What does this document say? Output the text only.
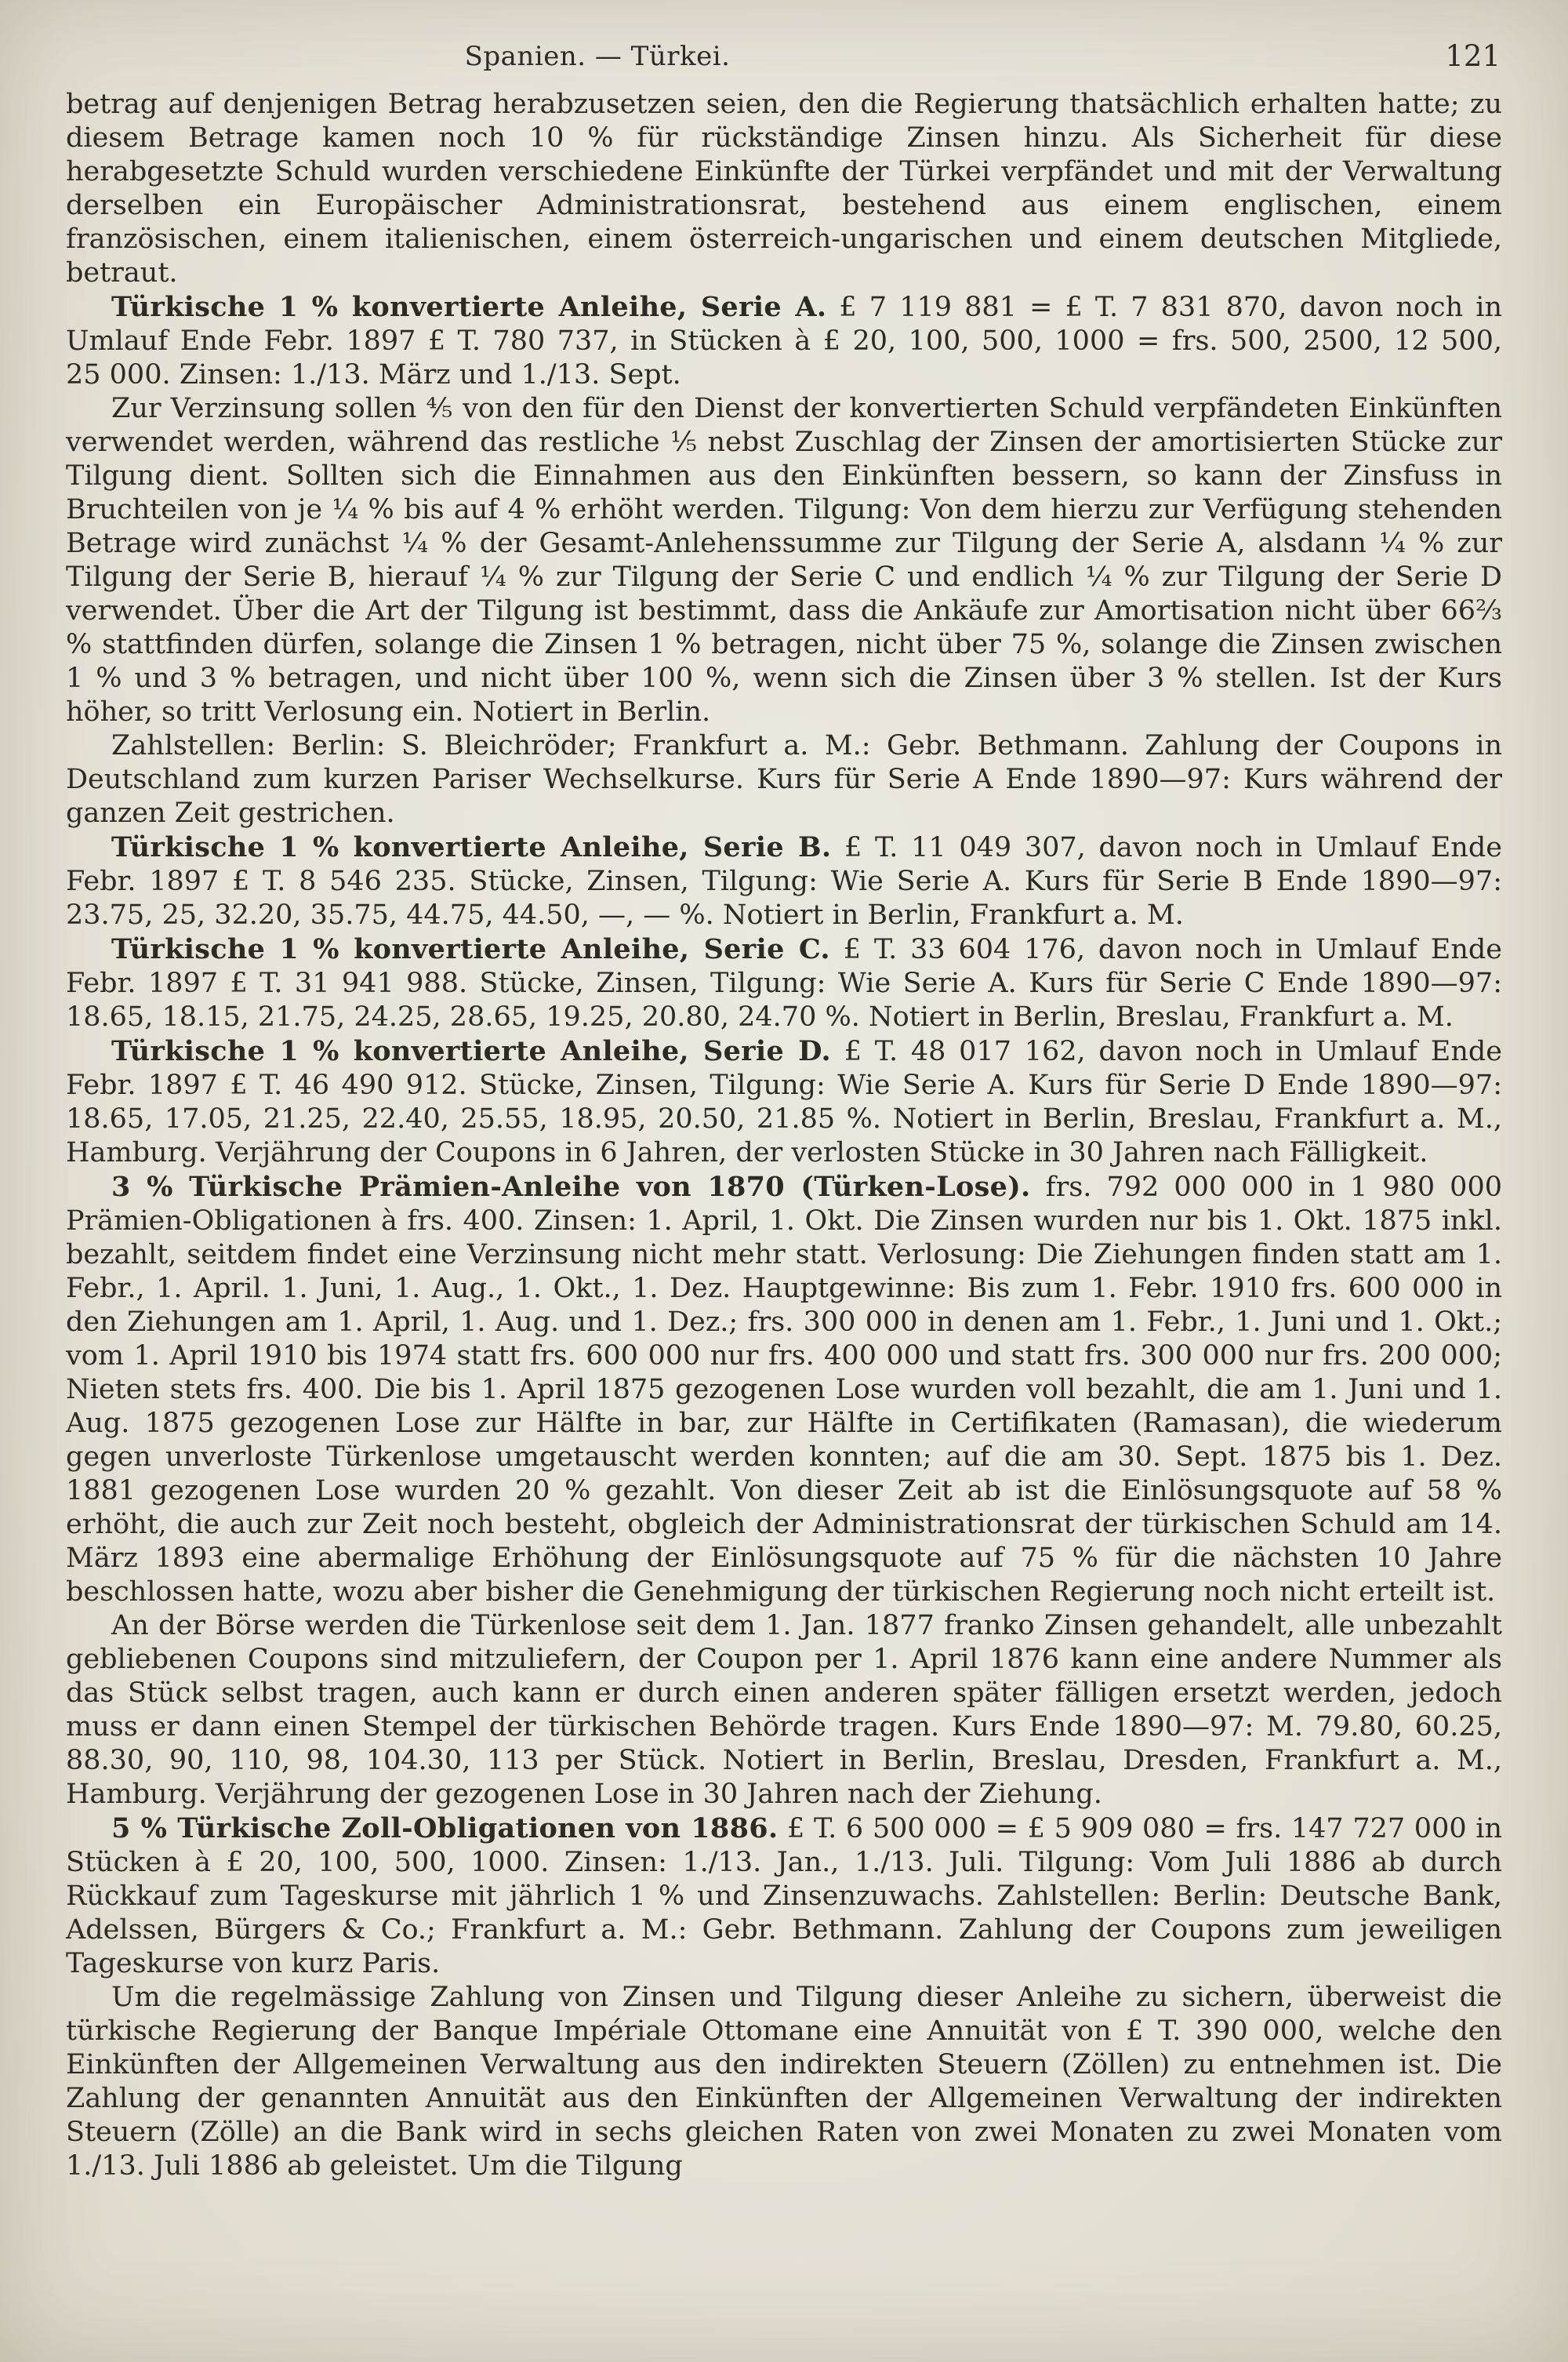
Spanien. — Türkei.	121

betrag auf denjenigen Betrag herabzusetzen seien, den die Regierung thatsächlich erhalten hatte; zu diesem Betrage kamen noch 10 % für rückständige Zinsen hinzu. Als Sicherheit für diese herabgesetzte Schuld wurden verschiedene Einkünfte der Türkei verpfändet und mit der Verwaltung derselben ein Europäischer Administrationsrat, bestehend aus einem englischen, einem französischen, einem italienischen, einem österreich-ungarischen und einem deutschen Mitgliede, betraut.

Türkische 1 % konvertierte Anleihe, Serie A. £ 7 119 881 = £ T. 7 831 870, davon noch in Umlauf Ende Febr. 1897 £ T. 780 737, in Stücken à £ 20, 100, 500, 1000 = frs. 500, 2500, 12 500, 25 000. Zinsen: 1./13. März und 1./13. Sept.

Zur Verzinsung sollen ⅘ von den für den Dienst der konvertierten Schuld verpfändeten Einkünften verwendet werden, während das restliche ⅕ nebst Zuschlag der Zinsen der amortisierten Stücke zur Tilgung dient. Sollten sich die Einnahmen aus den Einkünften bessern, so kann der Zinsfuss in Bruchteilen von je ¼ % bis auf 4 % erhöht werden. Tilgung: Von dem hierzu zur Verfügung stehenden Betrage wird zunächst ¼ % der Gesamt-Anlehenssumme zur Tilgung der Serie A, alsdann ¼ % zur Tilgung der Serie B, hierauf ¼ % zur Tilgung der Serie C und endlich ¼ % zur Tilgung der Serie D verwendet. Über die Art der Tilgung ist bestimmt, dass die Ankäufe zur Amortisation nicht über 66⅔ % stattfinden dürfen, solange die Zinsen 1 % betragen, nicht über 75 %, solange die Zinsen zwischen 1 % und 3 % betragen, und nicht über 100 %, wenn sich die Zinsen über 3 % stellen. Ist der Kurs höher, so tritt Verlosung ein. Notiert in Berlin.

Zahlstellen: Berlin: S. Bleichröder; Frankfurt a. M.: Gebr. Bethmann. Zahlung der Coupons in Deutschland zum kurzen Pariser Wechselkurse. Kurs für Serie A Ende 1890—97: Kurs während der ganzen Zeit gestrichen.

Türkische 1 % konvertierte Anleihe, Serie B. £ T. 11 049 307, davon noch in Umlauf Ende Febr. 1897 £ T. 8 546 235. Stücke, Zinsen, Tilgung: Wie Serie A. Kurs für Serie B Ende 1890—97: 23.75, 25, 32.20, 35.75, 44.75, 44.50, —, — %. Notiert in Berlin, Frankfurt a. M.

Türkische 1 % konvertierte Anleihe, Serie C. £ T. 33 604 176, davon noch in Umlauf Ende Febr. 1897 £ T. 31 941 988. Stücke, Zinsen, Tilgung: Wie Serie A. Kurs für Serie C Ende 1890—97: 18.65, 18.15, 21.75, 24.25, 28.65, 19.25, 20.80, 24.70 %. Notiert in Berlin, Breslau, Frankfurt a. M.

Türkische 1 % konvertierte Anleihe, Serie D. £ T. 48 017 162, davon noch in Umlauf Ende Febr. 1897 £ T. 46 490 912. Stücke, Zinsen, Tilgung: Wie Serie A. Kurs für Serie D Ende 1890—97: 18.65, 17.05, 21.25, 22.40, 25.55, 18.95, 20.50, 21.85 %. Notiert in Berlin, Breslau, Frankfurt a. M., Hamburg. Verjährung der Coupons in 6 Jahren, der verlosten Stücke in 30 Jahren nach Fälligkeit.

3 % Türkische Prämien-Anleihe von 1870 (Türken-Lose). frs. 792 000 000 in 1 980 000 Prämien-Obligationen à frs. 400. Zinsen: 1. April, 1. Okt. Die Zinsen wurden nur bis 1. Okt. 1875 inkl. bezahlt, seitdem findet eine Verzinsung nicht mehr statt. Verlosung: Die Ziehungen finden statt am 1. Febr., 1. April. 1. Juni, 1. Aug., 1. Okt., 1. Dez. Hauptgewinne: Bis zum 1. Febr. 1910 frs. 600 000 in den Ziehungen am 1. April, 1. Aug. und 1. Dez.; frs. 300 000 in denen am 1. Febr., 1. Juni und 1. Okt.; vom 1. April 1910 bis 1974 statt frs. 600 000 nur frs. 400 000 und statt frs. 300 000 nur frs. 200 000; Nieten stets frs. 400. Die bis 1. April 1875 gezogenen Lose wurden voll bezahlt, die am 1. Juni und 1. Aug. 1875 gezogenen Lose zur Hälfte in bar, zur Hälfte in Certifikaten (Ramasan), die wiederum gegen unverloste Türkenlose umgetauscht werden konnten; auf die am 30. Sept. 1875 bis 1. Dez. 1881 gezogenen Lose wurden 20 % gezahlt. Von dieser Zeit ab ist die Einlösungsquote auf 58 % erhöht, die auch zur Zeit noch besteht, obgleich der Administrationsrat der türkischen Schuld am 14. März 1893 eine abermalige Erhöhung der Einlösungsquote auf 75 % für die nächsten 10 Jahre beschlossen hatte, wozu aber bisher die Genehmigung der türkischen Regierung noch nicht erteilt ist.

An der Börse werden die Türkenlose seit dem 1. Jan. 1877 franko Zinsen gehandelt, alle unbezahlt gebliebenen Coupons sind mitzuliefern, der Coupon per 1. April 1876 kann eine andere Nummer als das Stück selbst tragen, auch kann er durch einen anderen später fälligen ersetzt werden, jedoch muss er dann einen Stempel der türkischen Behörde tragen. Kurs Ende 1890—97: M. 79.80, 60.25, 88.30, 90, 110, 98, 104.30, 113 per Stück. Notiert in Berlin, Breslau, Dresden, Frankfurt a. M., Hamburg. Verjährung der gezogenen Lose in 30 Jahren nach der Ziehung.

5 % Türkische Zoll-Obligationen von 1886. £ T. 6 500 000 = £ 5 909 080 = frs. 147 727 000 in Stücken à £ 20, 100, 500, 1000. Zinsen: 1./13. Jan., 1./13. Juli. Tilgung: Vom Juli 1886 ab durch Rückkauf zum Tageskurse mit jährlich 1 % und Zinsenzuwachs. Zahlstellen: Berlin: Deutsche Bank, Adelssen, Bürgers & Co.; Frankfurt a. M.: Gebr. Bethmann. Zahlung der Coupons zum jeweiligen Tageskurse von kurz Paris.

Um die regelmässige Zahlung von Zinsen und Tilgung dieser Anleihe zu sichern, überweist die türkische Regierung der Banque Impériale Ottomane eine Annuität von £ T. 390 000, welche den Einkünften der Allgemeinen Verwaltung aus den indirekten Steuern (Zöllen) zu entnehmen ist. Die Zahlung der genannten Annuität aus den Einkünften der Allgemeinen Verwaltung der indirekten Steuern (Zölle) an die Bank wird in sechs gleichen Raten von zwei Monaten zu zwei Monaten vom 1./13. Juli 1886 ab geleistet. Um die Tilgung
